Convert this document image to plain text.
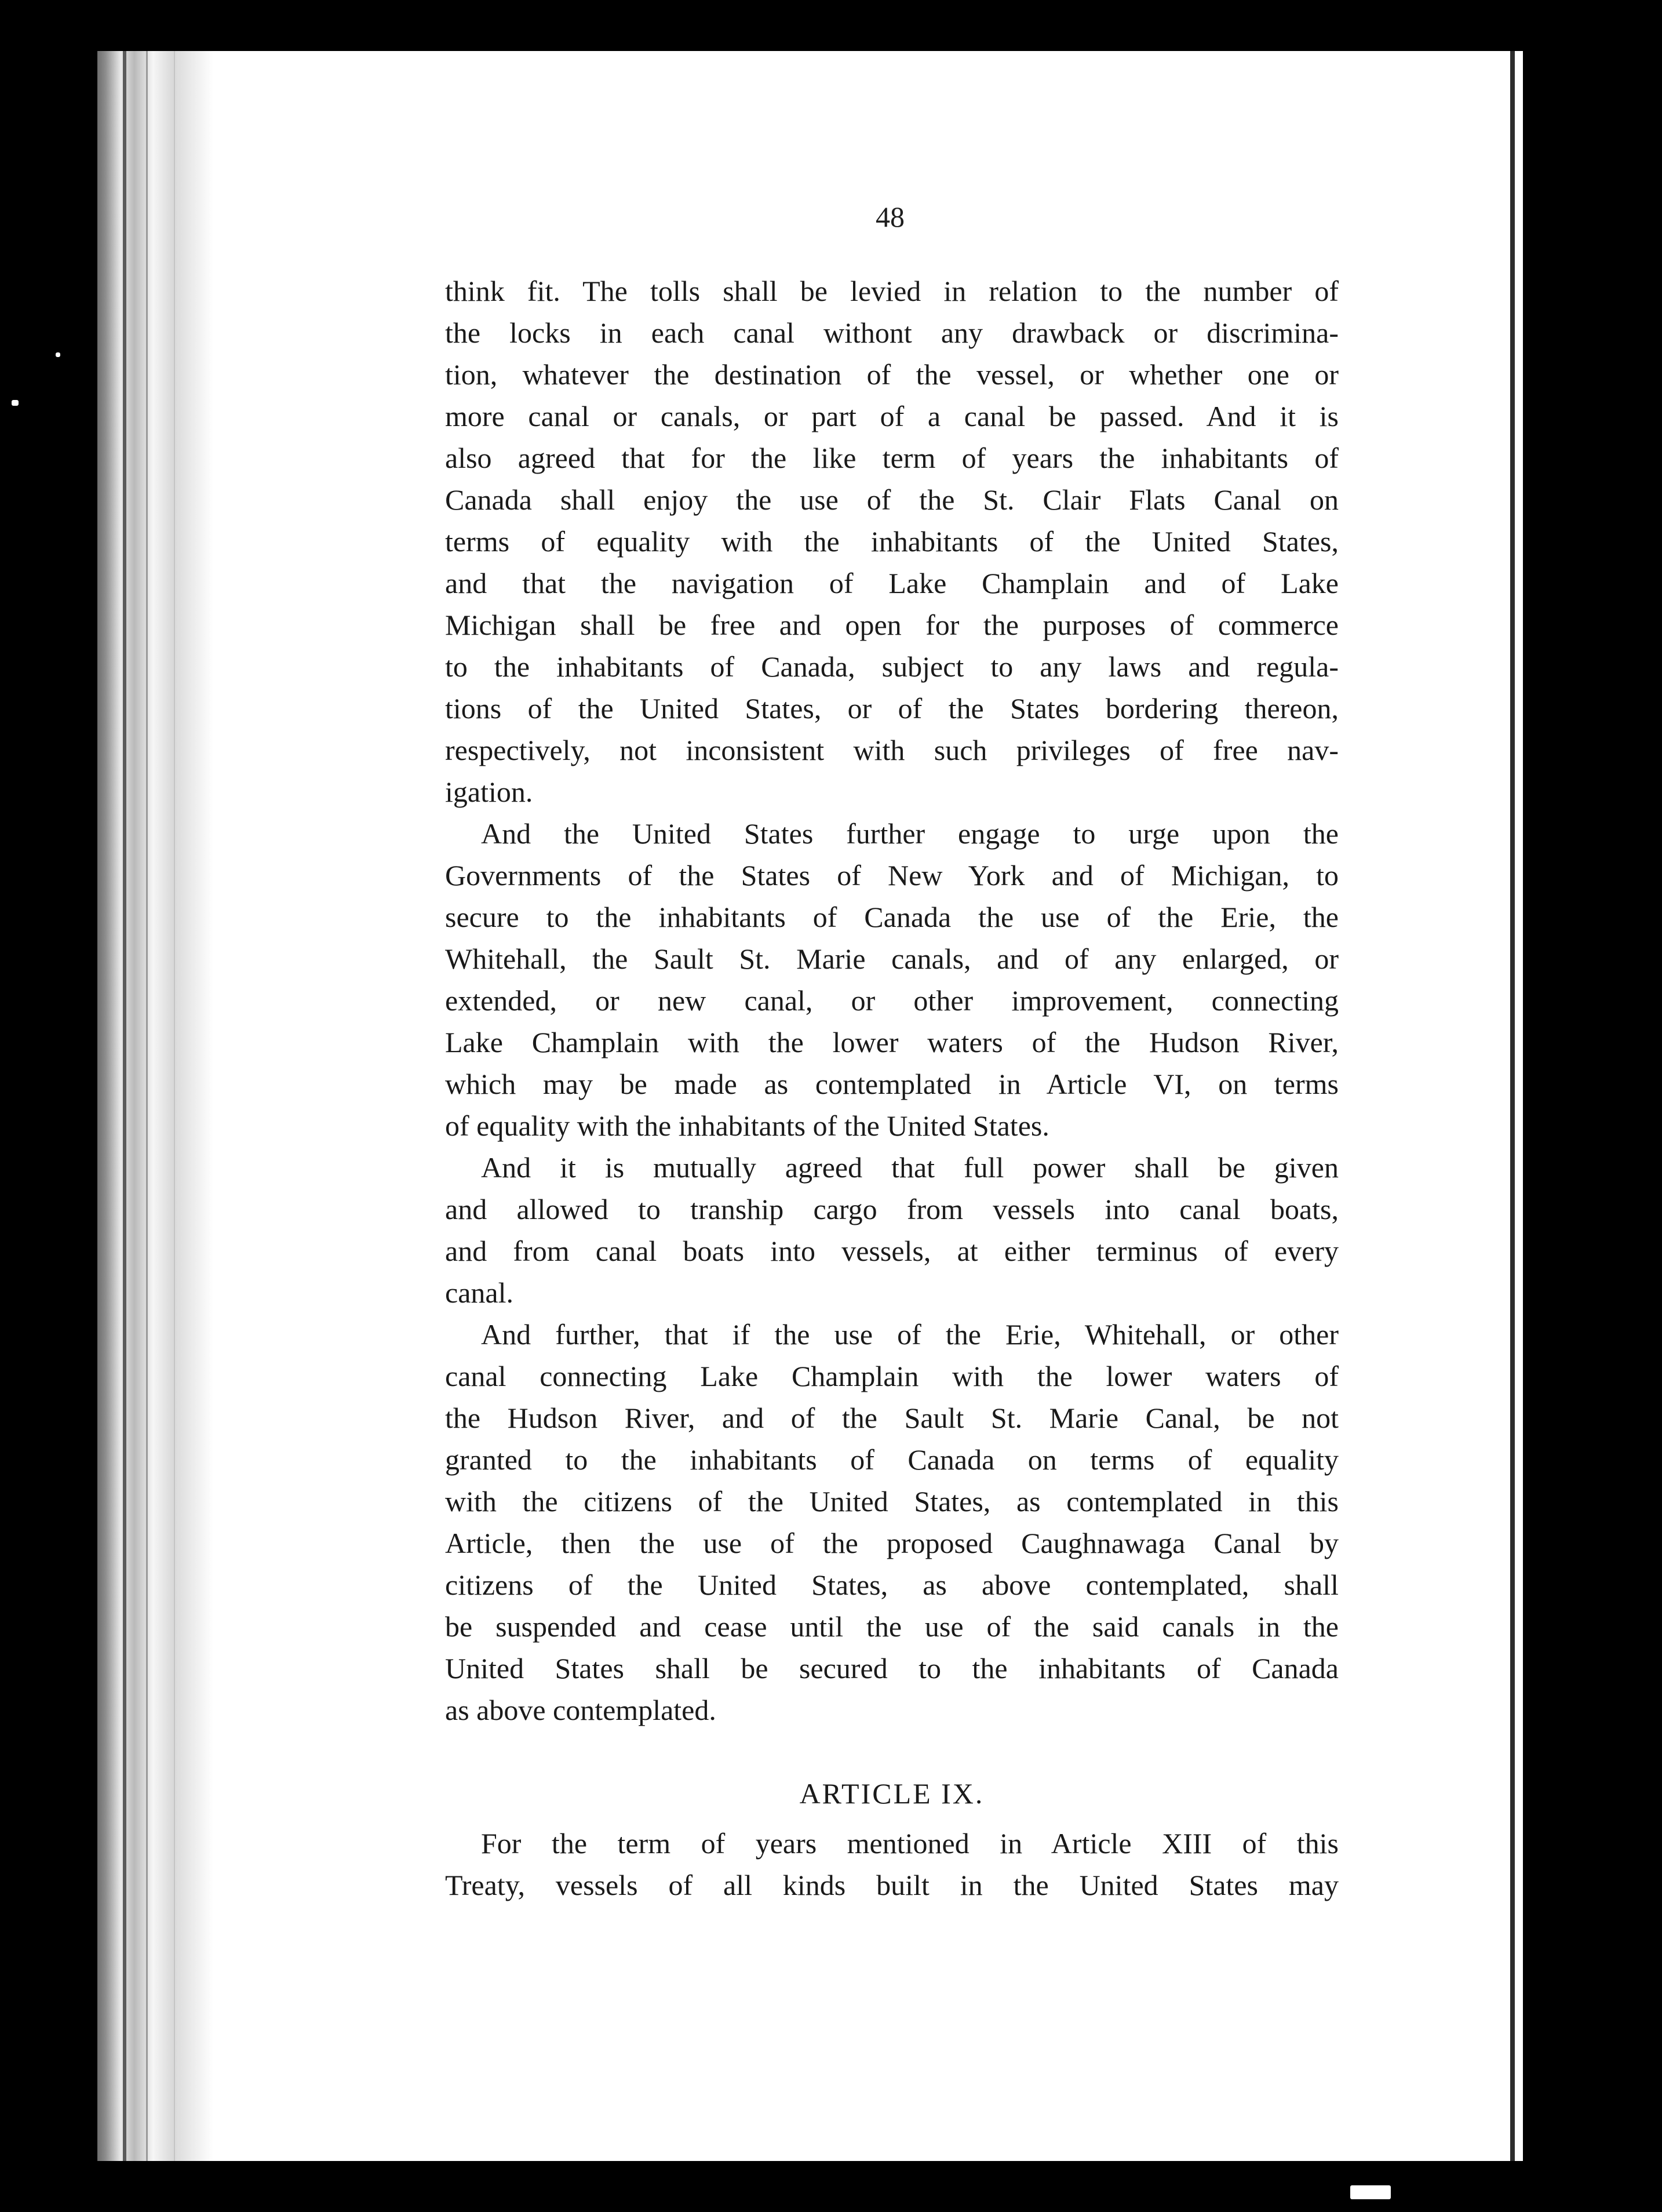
48
think fit. The tolls shall be levied in relation to the number of
the locks in each canal withont any drawback or discrimina-
tion, whatever the destination of the vessel, or whether one or
more canal or canals, or part of a canal be passed. And it is
also agreed that for the like term of years the inhabitants of
Canada shall enjoy the use of the St. Clair Flats Canal on
terms of equality with the inhabitants of the United States,
and that the navigation of Lake Champlain and of Lake
Michigan shall be free and open for the purposes of commerce
to the inhabitants of Canada, subject to any laws and regula-
tions of the United States, or of the States bordering thereon,
respectively, not inconsistent with such privileges of free nav-
igation.
And the United States further engage to urge upon the
Governments of the States of New York and of Michigan, to
secure to the inhabitants of Canada the use of the Erie, the
Whitehall, the Sault St. Marie canals, and of any enlarged, or
extended, or new canal, or other improvement, connecting
Lake Champlain with the lower waters of the Hudson River,
which may be made as contemplated in Article VI, on terms
of equality with the inhabitants of the United States.
And it is mutually agreed that full power shall be given
and allowed to tranship cargo from vessels into canal boats,
and from canal boats into vessels, at either terminus of every
canal.
And further, that if the use of the Erie, Whitehall, or other
canal connecting Lake Champlain with the lower waters of
the Hudson River, and of the Sault St. Marie Canal, be not
granted to the inhabitants of Canada on terms of equality
with the citizens of the United States, as contemplated in this
Article, then the use of the proposed Caughnawaga Canal by
citizens of the United States, as above contemplated, shall
be suspended and cease until the use of the said canals in the
United States shall be secured to the inhabitants of Canada
as above contemplated.
ARTICLE IX.
For the term of years mentioned in Article XIII of this
Treaty, vessels of all kinds built in the United States may
